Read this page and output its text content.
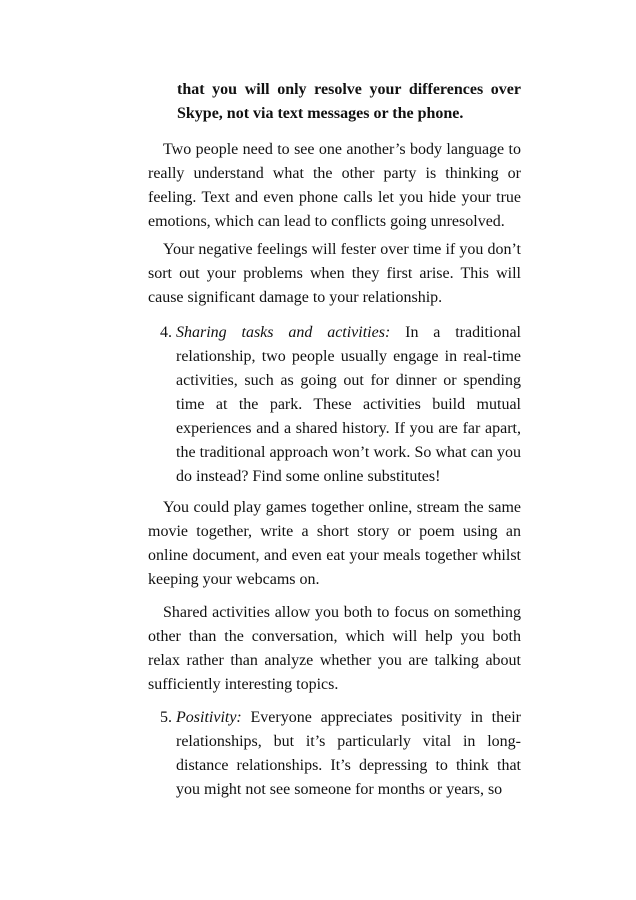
that you will only resolve your differences over Skype, not via text messages or the phone.

Two people need to see one another’s body language to really understand what the other party is thinking or feeling. Text and even phone calls let you hide your true emotions, which can lead to conflicts going unresolved.

Your negative feelings will fester over time if you don’t sort out your problems when they first arise. This will cause significant damage to your relationship.

4. Sharing tasks and activities: In a traditional relationship, two people usually engage in real-time activities, such as going out for dinner or spending time at the park. These activities build mutual experiences and a shared history. If you are far apart, the traditional approach won’t work. So what can you do instead? Find some online substitutes!

You could play games together online, stream the same movie together, write a short story or poem using an online document, and even eat your meals together whilst keeping your webcams on.

Shared activities allow you both to focus on something other than the conversation, which will help you both relax rather than analyze whether you are talking about sufficiently interesting topics.

5. Positivity: Everyone appreciates positivity in their relationships, but it’s particularly vital in long-distance relationships. It’s depressing to think that you might not see someone for months or years, so
